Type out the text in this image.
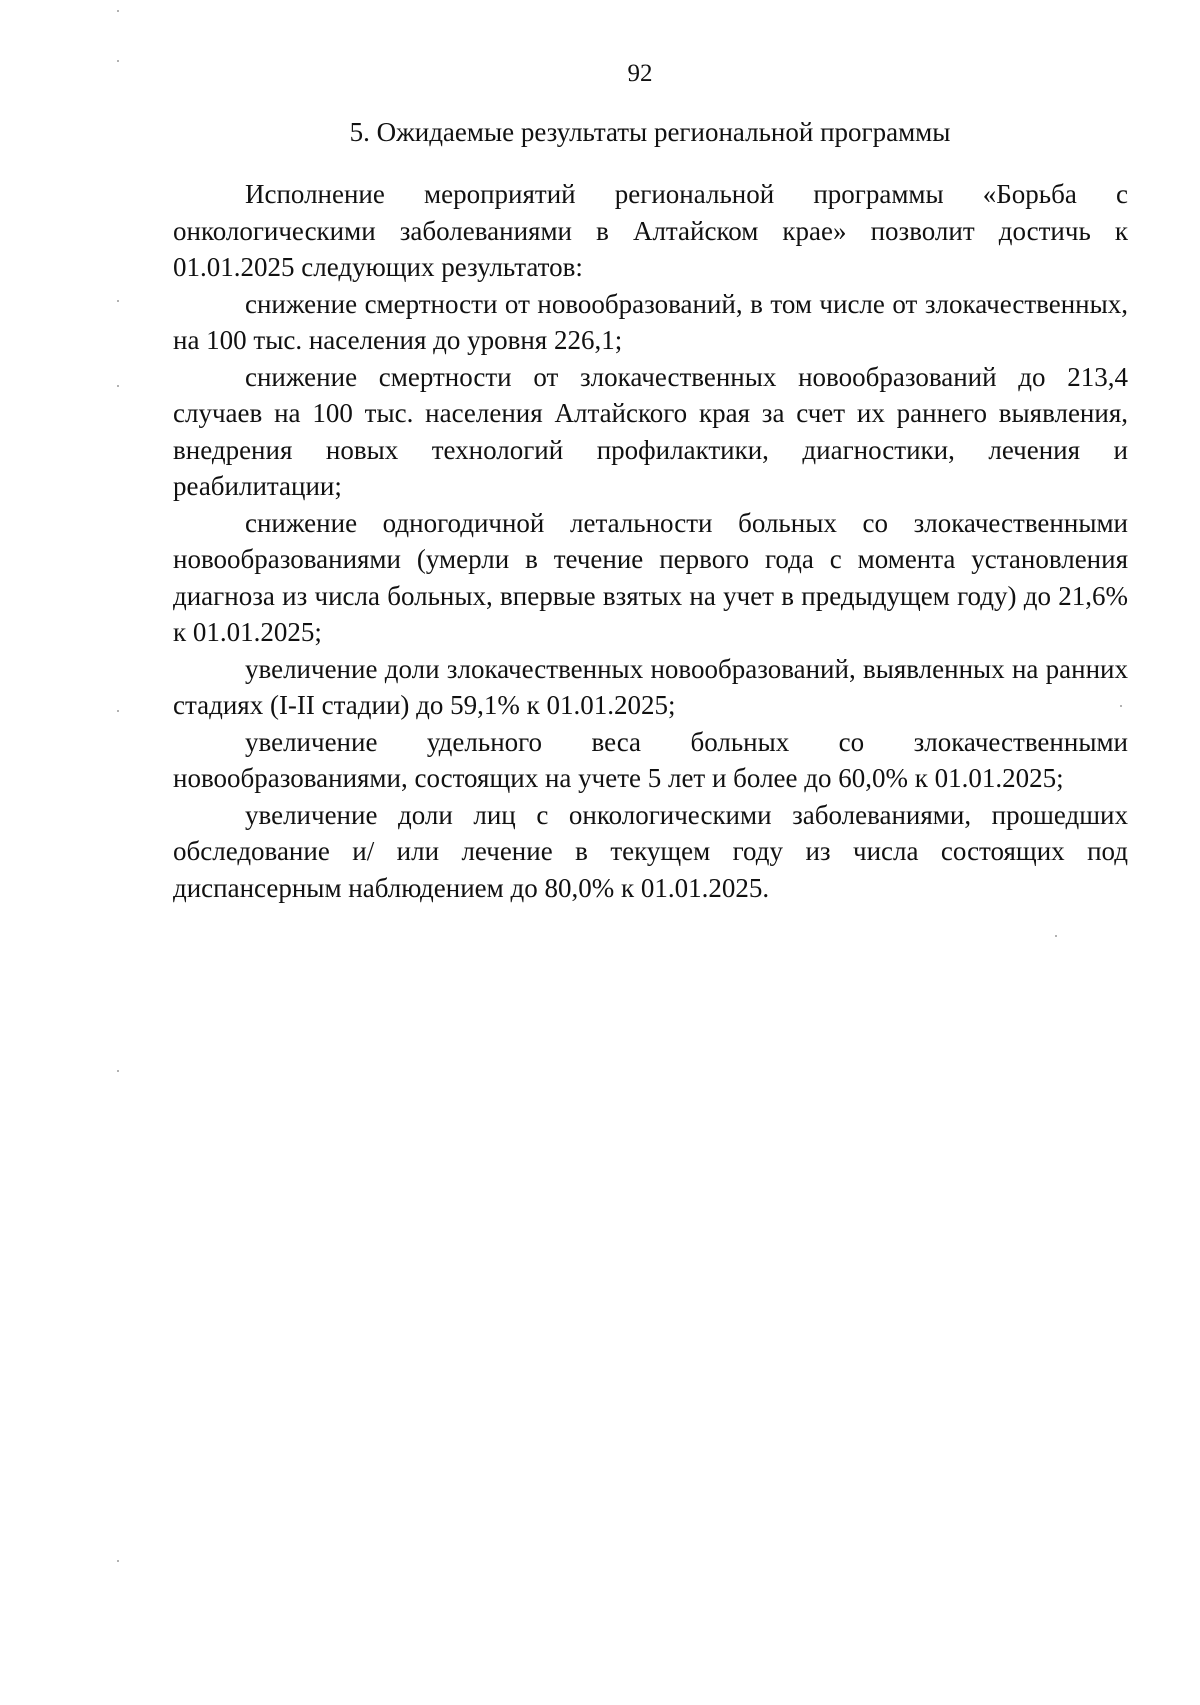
92
5. Ожидаемые результаты региональной программы

Исполнение мероприятий региональной программы «Борьба с онкологическими заболеваниями в Алтайском крае» позволит достичь к 01.01.2025 следующих результатов:

снижение смертности от новообразований, в том числе от злокачественных, на 100 тыс. населения до уровня 226,1;

снижение смертности от злокачественных новообразований до 213,4 случаев на 100 тыс. населения Алтайского края за счет их раннего выявления, внедрения новых технологий профилактики, диагностики, лечения и реабилитации;

снижение одногодичной летальности больных со злокачественными новообразованиями (умерли в течение первого года с момента установления диагноза из числа больных, впервые взятых на учет в предыдущем году) до 21,6% к 01.01.2025;

увеличение доли злокачественных новообразований, выявленных на ранних стадиях (I-II стадии) до 59,1% к 01.01.2025;

увеличение удельного веса больных со злокачественными новообразованиями, состоящих на учете 5 лет и более до 60,0% к 01.01.2025;

увеличение доли лиц с онкологическими заболеваниями, прошедших обследование и/ или лечение в текущем году из числа состоящих под диспансерным наблюдением до 80,0% к 01.01.2025.
